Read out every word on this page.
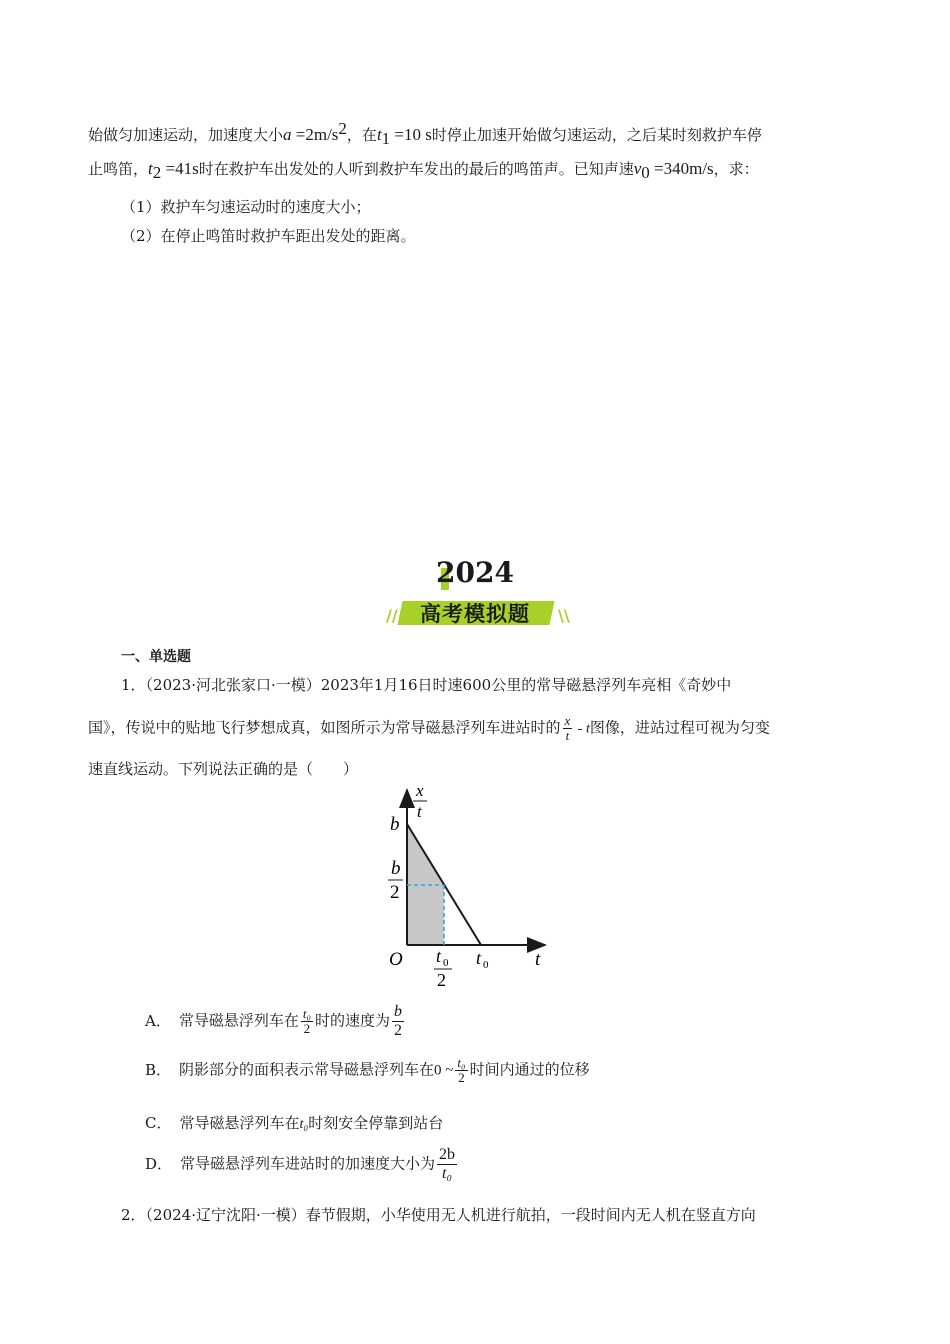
始做匀加速运动，加速度大小$a =2m/s^2$，在$t_1 =10$ s时停止加速开始做匀速运动，之后某时刻救护车停
止鸣笛，$t_2 =41s$时在救护车出发处的人听到救护车发出的最后的鸣笛声。已知声速$v_0 =340m/s$，求：
（1）救护车匀速运动时的速度大小；
（2）在停止鸣笛时救护车距出发处的距离。
2024
//	\\
高考模拟题
一、单选题
1．（2023·河北张家口·一模）2023年1月16日时速600公里的常导磁悬浮列车亮相《奇妙中
国》，传说中的贴地飞行梦想成真，如图所示为常导磁悬浮列车进站时的 $\frac{x}{t}$ - t图像，进站过程可视为匀变
速直线运动。下列说法正确的是（　　）
x
t
b
b
2
O t 0
2
t 0 t
A． 常导磁悬浮列车在 $\frac{\text{t₀}}{2}$ 时的速度为 $\frac{b}{2}$
B． 阴影部分的面积表示常导磁悬浮列车在0 ~ $\frac{\text{t₀}}{2}$ 时间内通过的位移
C． 常导磁悬浮列车在t₀时刻安全停靠到站台
D． 常导磁悬浮列车进站时的加速度大小为 $\frac{2b}{\text{t₀}}$
2．（2024·辽宁沈阳·一模）春节假期，小华使用无人机进行航拍，一段时间内无人机在竖直方向
